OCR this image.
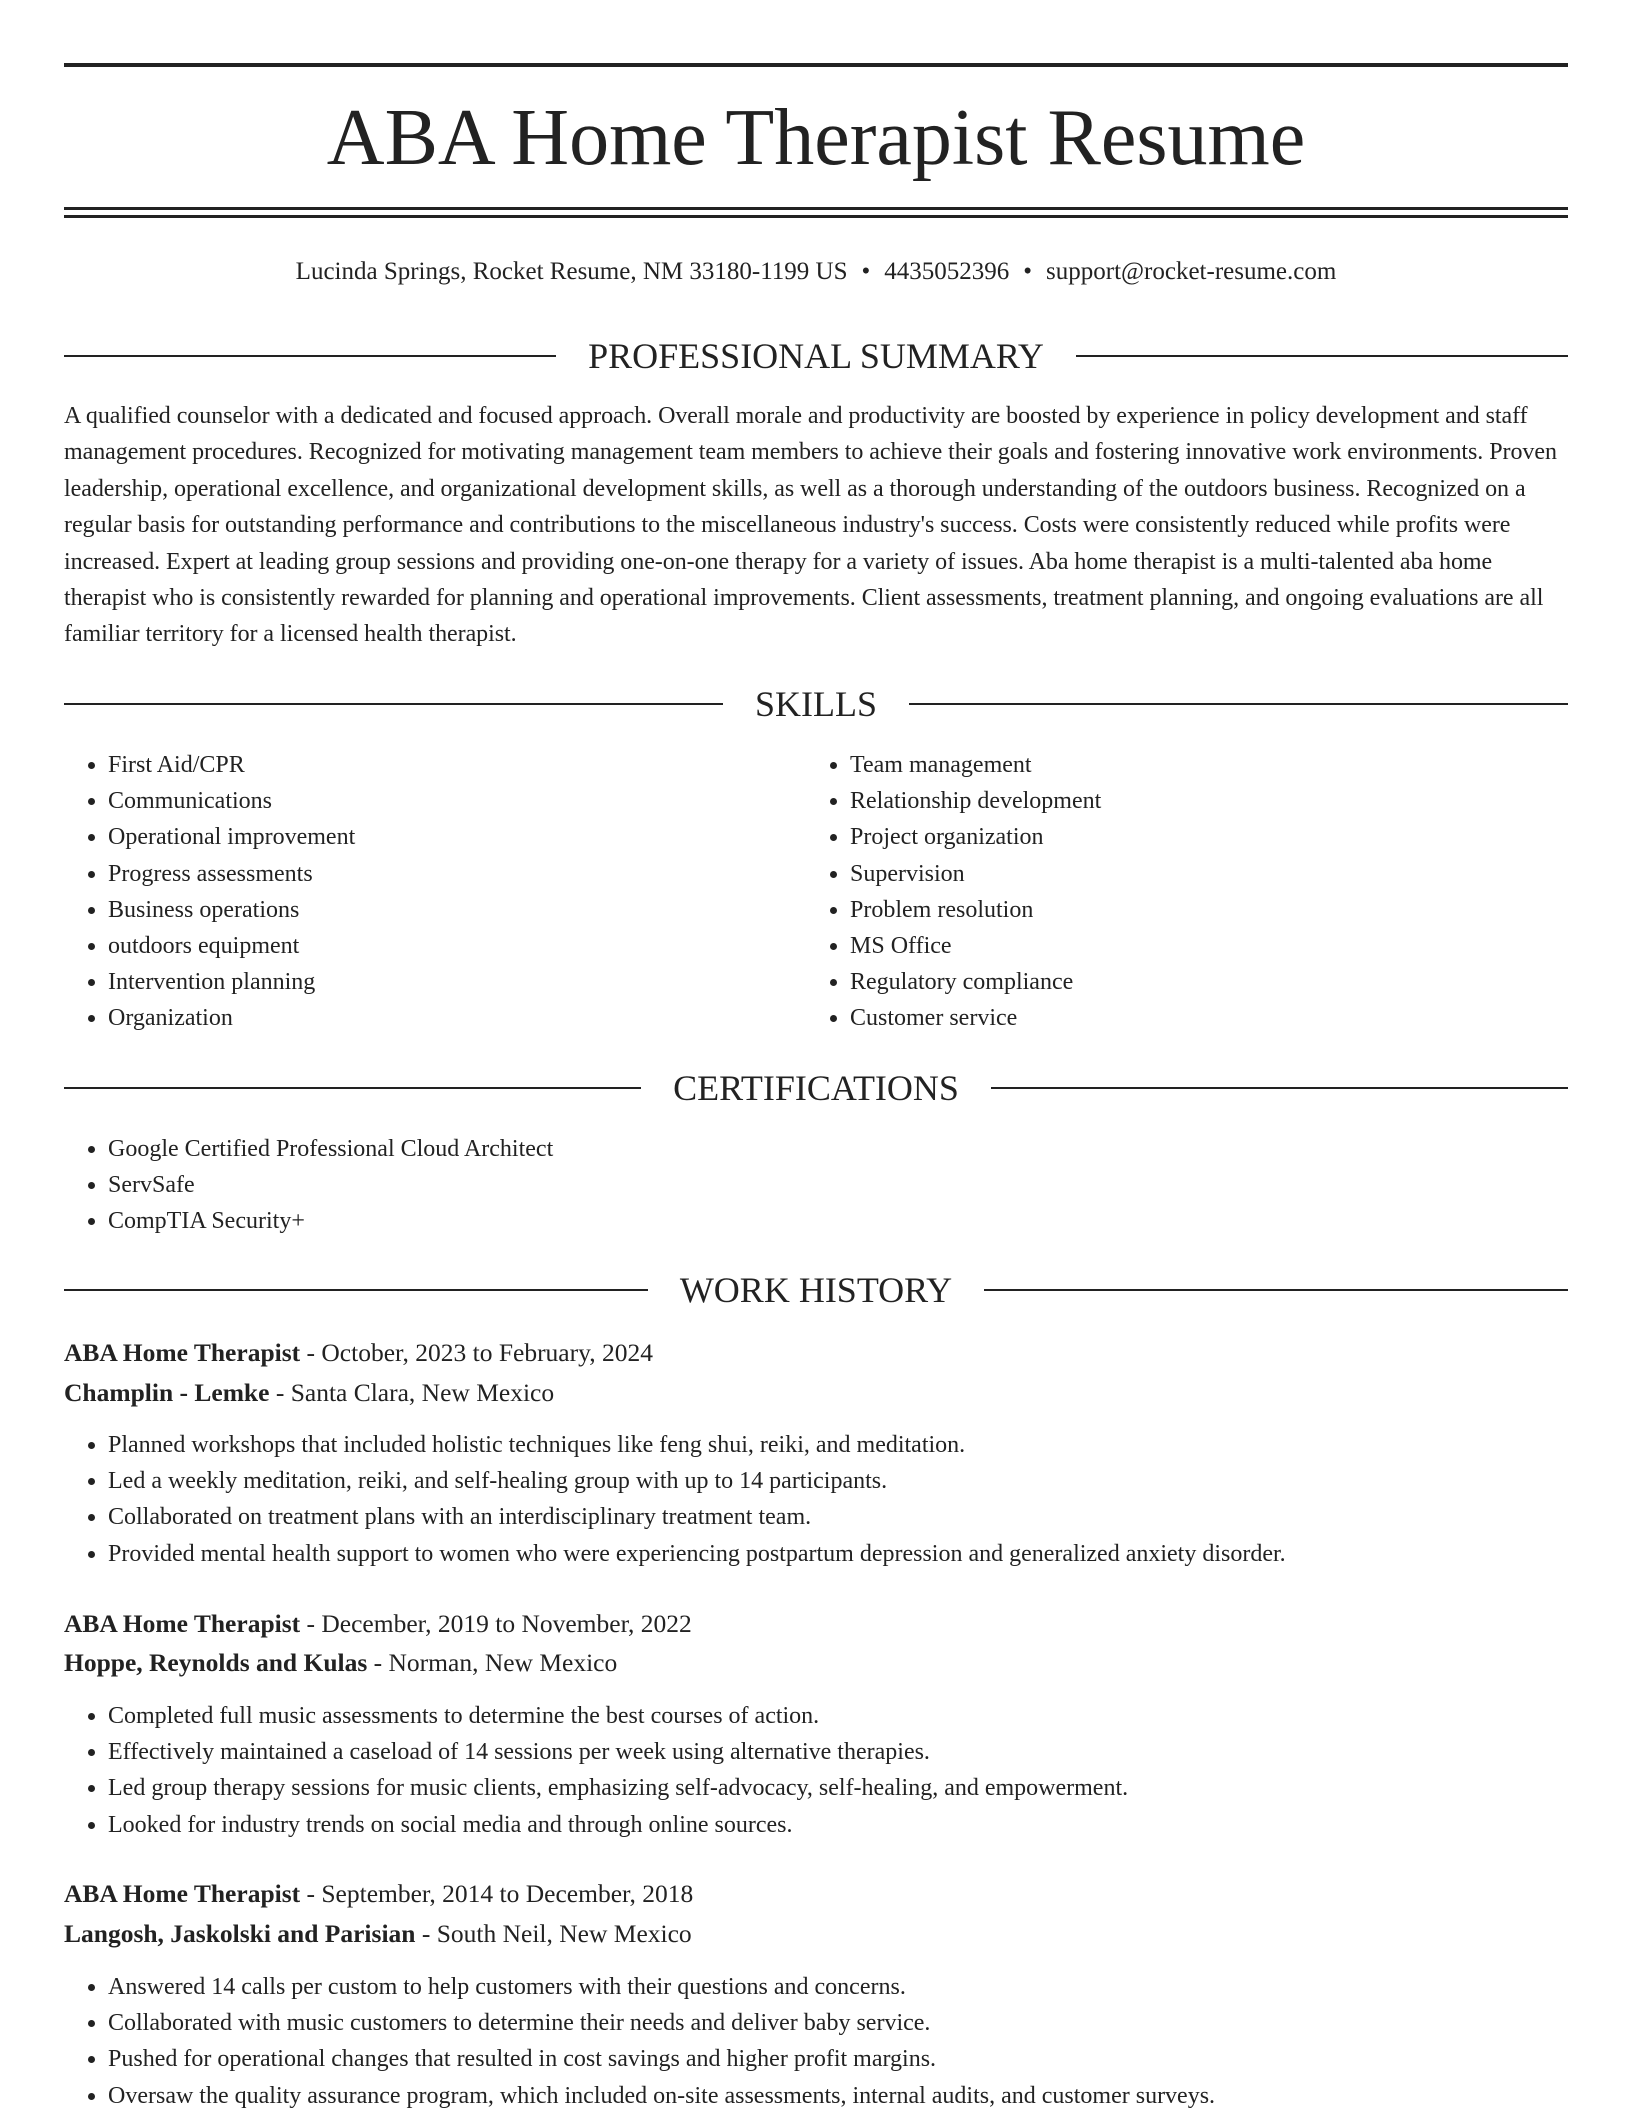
ABA Home Therapist Resume
Lucinda Springs, Rocket Resume, NM 33180-1199 US • 4435052396 • support@rocket-resume.com
PROFESSIONAL SUMMARY

A qualified counselor with a dedicated and focused approach. Overall morale and productivity are boosted by experience in policy development and staff management procedures. Recognized for motivating management team members to achieve their goals and fostering innovative work environments. Proven leadership, operational excellence, and organizational development skills, as well as a thorough understanding of the outdoors business. Recognized on a regular basis for outstanding performance and contributions to the miscellaneous industry's success. Costs were consistently reduced while profits were increased. Expert at leading group sessions and providing one-on-one therapy for a variety of issues. Aba home therapist is a multi-talented aba home therapist who is consistently rewarded for planning and operational improvements. Client assessments, treatment planning, and ongoing evaluations are all familiar territory for a licensed health therapist.

SKILLS
• First Aid/CPR
• Communications
• Operational improvement
• Progress assessments
• Business operations
• outdoors equipment
• Intervention planning
• Organization
• Team management
• Relationship development
• Project organization
• Supervision
• Problem resolution
• MS Office
• Regulatory compliance
• Customer service
CERTIFICATIONS
• Google Certified Professional Cloud Architect
• ServSafe
• CompTIA Security+
WORK HISTORY
ABA Home Therapist - October, 2023 to February, 2024
Champlin - Lemke - Santa Clara, New Mexico
• Planned workshops that included holistic techniques like feng shui, reiki, and meditation.
• Led a weekly meditation, reiki, and self-healing group with up to 14 participants.
• Collaborated on treatment plans with an interdisciplinary treatment team.
• Provided mental health support to women who were experiencing postpartum depression and generalized anxiety disorder.
ABA Home Therapist - December, 2019 to November, 2022
Hoppe, Reynolds and Kulas - Norman, New Mexico
• Completed full music assessments to determine the best courses of action.
• Effectively maintained a caseload of 14 sessions per week using alternative therapies.
• Led group therapy sessions for music clients, emphasizing self-advocacy, self-healing, and empowerment.
• Looked for industry trends on social media and through online sources.
ABA Home Therapist - September, 2014 to December, 2018
Langosh, Jaskolski and Parisian - South Neil, New Mexico
• Answered 14 calls per custom to help customers with their questions and concerns.
• Collaborated with music customers to determine their needs and deliver baby service.
• Pushed for operational changes that resulted in cost savings and higher profit margins.
• Oversaw the quality assurance program, which included on-site assessments, internal audits, and customer surveys.
